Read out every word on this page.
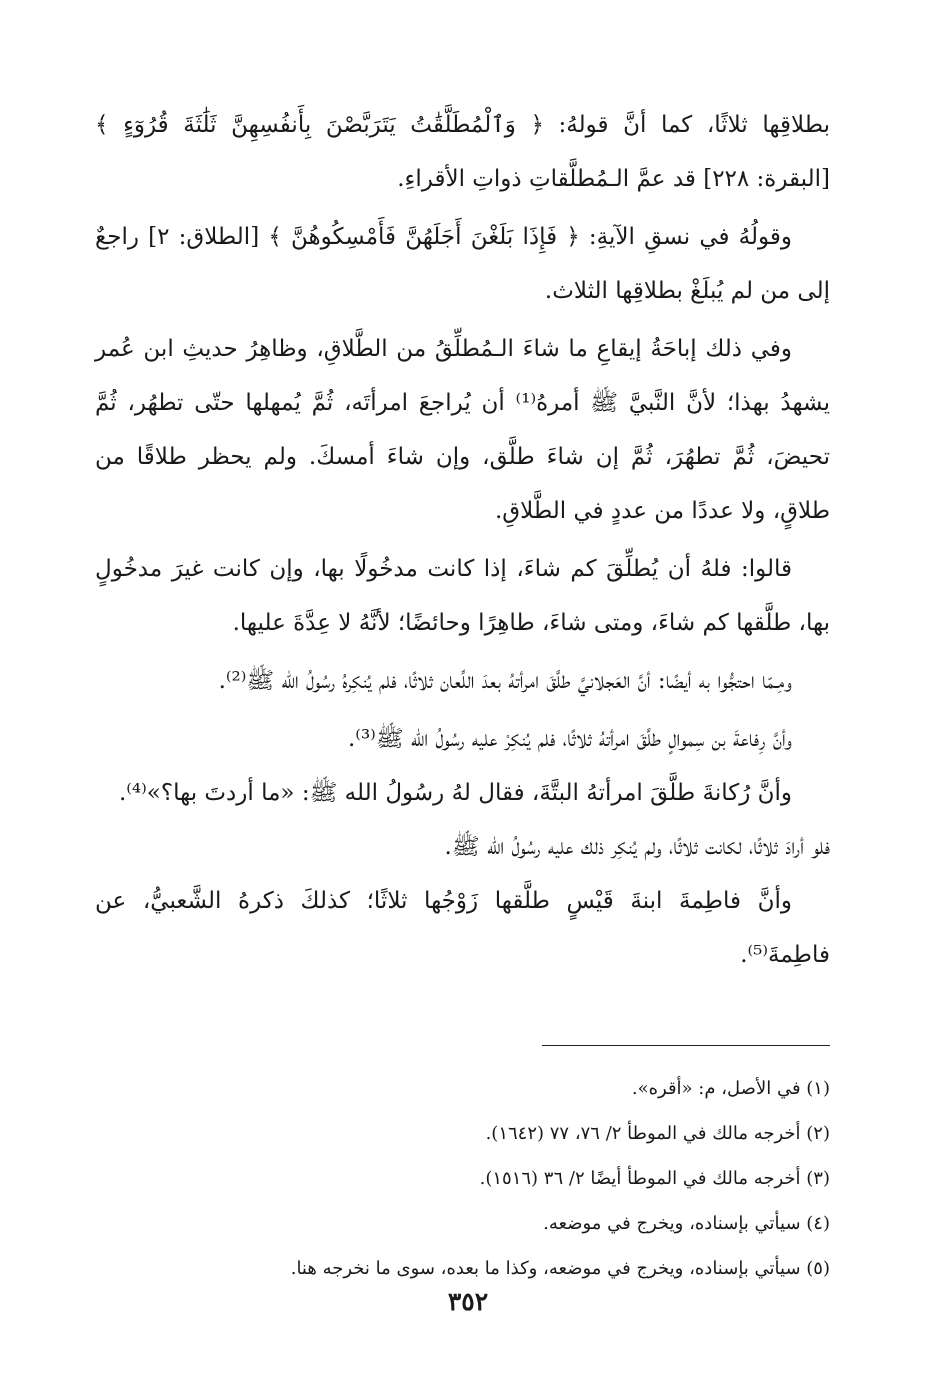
بطلاقِها ثلاثًا، كما أنَّ قولهُ: ﴿ وَٱلْمُطَلَّقَٰتُ يَتَرَبَّصْنَ بِأَنفُسِهِنَّ ثَلَٰثَةَ قُرُوٓءٍ ﴾ [البقرة: ٢٢٨] قد عمَّ الـمُطلَّقاتِ ذواتِ الأقراءِ.

وقولُهُ في نسقِ الآيةِ: ﴿ فَإِذَا بَلَغْنَ أَجَلَهُنَّ فَأَمْسِكُوهُنَّ ﴾ [الطلاق: ٢] راجعٌ إلى من لم يُبلَغْ بطلاقِها الثلاث.

وفي ذلك إباحَةُ إيقاعِ ما شاءَ الـمُطلِّقُ من الطَّلاقِ، وظاهِرُ حديثِ ابن عُمر يشهدُ بهذا؛ لأنَّ النَّبيَّ ﷺ أمرهُ⁽¹⁾ أن يُراجعَ امرأتَه، ثُمَّ يُمهلها حتّى تطهُر، ثُمَّ تحيضَ، ثُمَّ تطهُرَ، ثُمَّ إن شاءَ طلَّق، وإن شاءَ أمسكَ. ولم يحظر طلاقًا من طلاقٍ، ولا عددًا من عددٍ في الطَّلاقِ.

قالوا: فلهُ أن يُطلِّقَ كم شاءَ، إذا كانت مدخُولًا بها، وإن كانت غيرَ مدخُولٍ بها، طلَّقها كم شاءَ، ومتى شاءَ، طاهِرًا وحائضًا؛ لأنَّهُ لا عِدَّةَ عليها.

ومِـمّا احتجُّوا به أيضًا: أنَّ العَجلانيَّ طلَّقَ امرأتهُ بعدَ اللِّعان ثلاثًا، فلم يُنكِرهُ رسُولُ الله ﷺ⁽²⁾.

وأنَّ رِفاعةَ بن سِموالٍ طلَّقَ امرأتهُ ثلاثًا، فلم يُنكِرْ عليه رسُولُ الله ﷺ⁽³⁾.

وأنَّ رُكانةَ طلَّقَ امرأتهُ البتَّةَ، فقال لهُ رسُولُ الله ﷺ: «ما أردتَ بها؟»⁽⁴⁾.

فلو أرادَ ثلاثًا، لكانت ثلاثًا، ولم يُنكِر ذلك عليه رسُولُ الله ﷺ.

وأنَّ فاطِمةَ ابنةَ قَيْسٍ طلَّقها زَوْجُها ثلاثًا؛ كذلكَ ذكرهُ الشَّعبيُّ، عن فاطِمةَ⁽⁵⁾.

(١) في الأصل، م: «أقره».
(٢) أخرجه مالك في الموطأ ٢/ ٧٦، ٧٧ (١٦٤٢).
(٣) أخرجه مالك في الموطأ أيضًا ٢/ ٣٦ (١٥١٦).
(٤) سيأتي بإسناده، ويخرج في موضعه.
(٥) سيأتي بإسناده، ويخرج في موضعه، وكذا ما بعده، سوى ما نخرجه هنا.
٣٥٢
